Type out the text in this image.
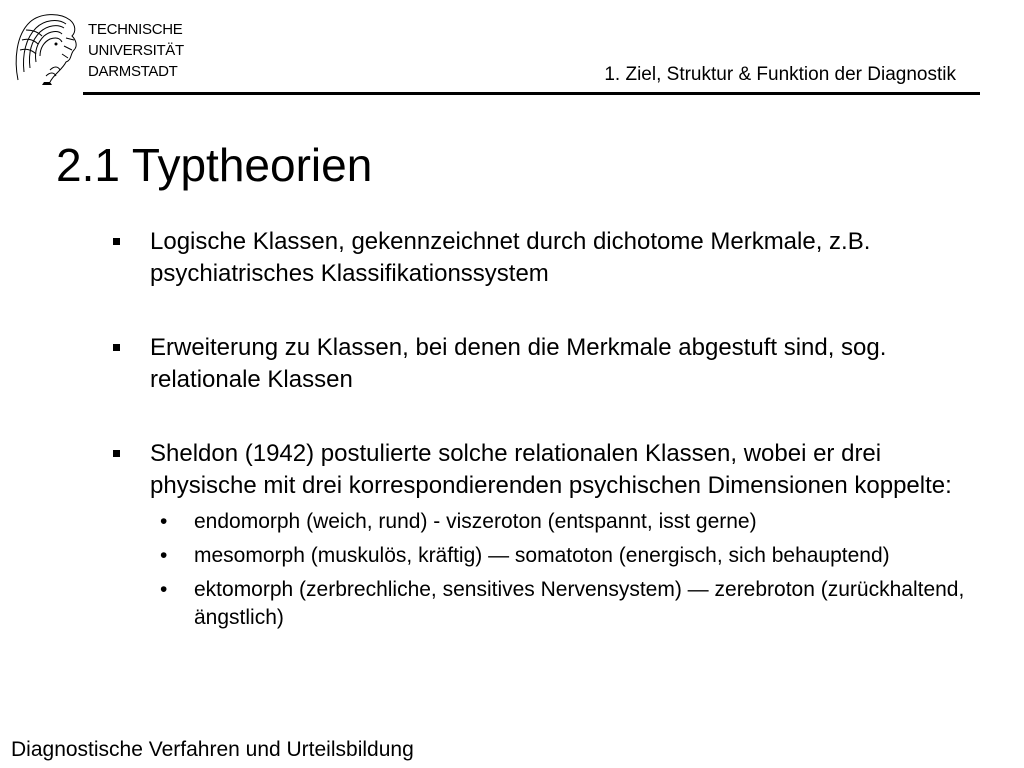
TECHNISCHE
UNIVERSITÄT
DARMSTADT	1. Ziel, Struktur & Funktion der Diagnostik
2.1 Typtheorien
Logische Klassen, gekennzeichnet durch dichotome Merkmale, z.B. psychiatrisches Klassifikationssystem
Erweiterung zu Klassen, bei denen die Merkmale abgestuft sind, sog. relationale Klassen
Sheldon (1942) postulierte solche relationalen Klassen, wobei er drei physische mit drei korrespondierenden psychischen Dimensionen koppelte:
• endomorph (weich, rund) - viszeroton (entspannt, isst gerne)
• mesomorph (muskulös, kräftig) — somatoton (energisch, sich behauptend)
• ektomorph (zerbrechliche, sensitives Nervensystem) — zerebroton (zurückhaltend, ängstlich)
Diagnostische Verfahren und Urteilsbildung
